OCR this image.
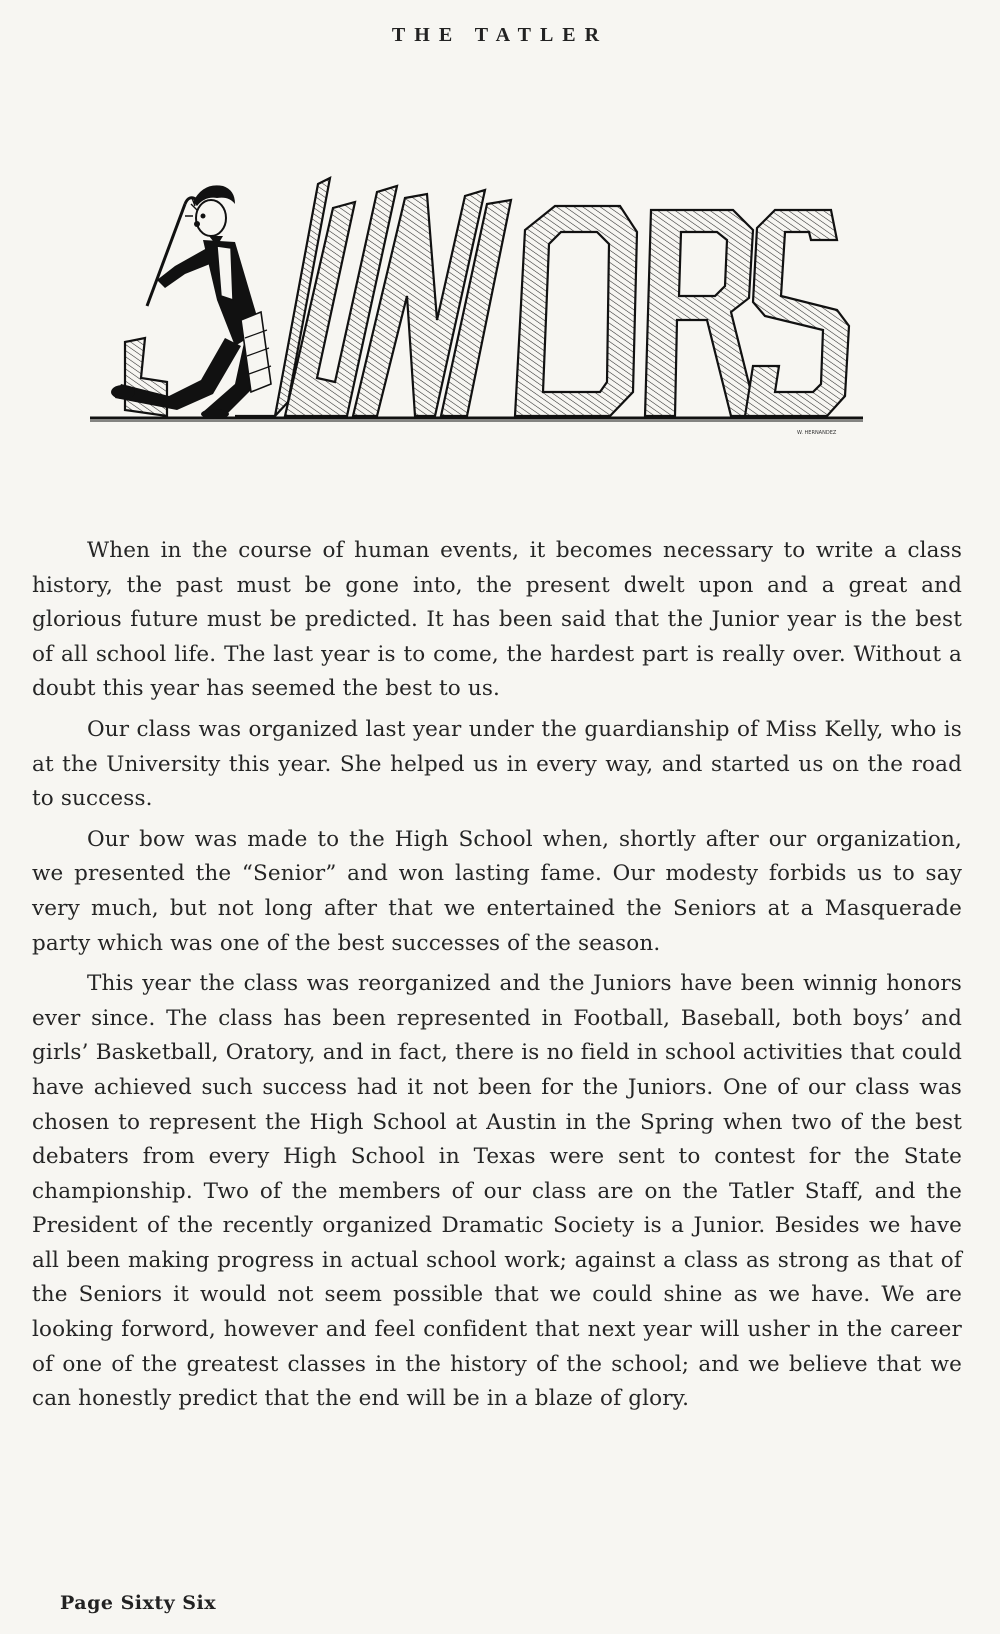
THE TATLER
W. HERNANDEZ

When in the course of human events, it becomes necessary to write a class history, the past must be gone into, the present dwelt upon and a great and glorious future must be predicted. It has been said that the Junior year is the best of all school life. The last year is to come, the hardest part is really over. Without a doubt this year has seemed the best to us.

Our class was organized last year under the guardianship of Miss Kelly, who is at the University this year. She helped us in every way, and started us on the road to success.

Our bow was made to the High School when, shortly after our organization, we presented the “Senior” and won lasting fame. Our modesty forbids us to say very much, but not long after that we entertained the Seniors at a Masquerade party which was one of the best successes of the season.

This year the class was reorganized and the Juniors have been winnig honors ever since. The class has been represented in Football, Baseball, both boys’ and girls’ Basketball, Oratory, and in fact, there is no field in school activities that could have achieved such success had it not been for the Juniors. One of our class was chosen to represent the High School at Austin in the Spring when two of the best debaters from every High School in Texas were sent to contest for the State championship. Two of the members of our class are on the Tatler Staff, and the President of the recently organized Dramatic Society is a Junior. Besides we have all been making progress in actual school work; against a class as strong as that of the Seniors it would not seem possible that we could shine as we have. We are looking forword, however and feel confident that next year will usher in the career of one of the greatest classes in the history of the school; and we believe that we can honestly predict that the end will be in a blaze of glory.

Page Sixty Six
